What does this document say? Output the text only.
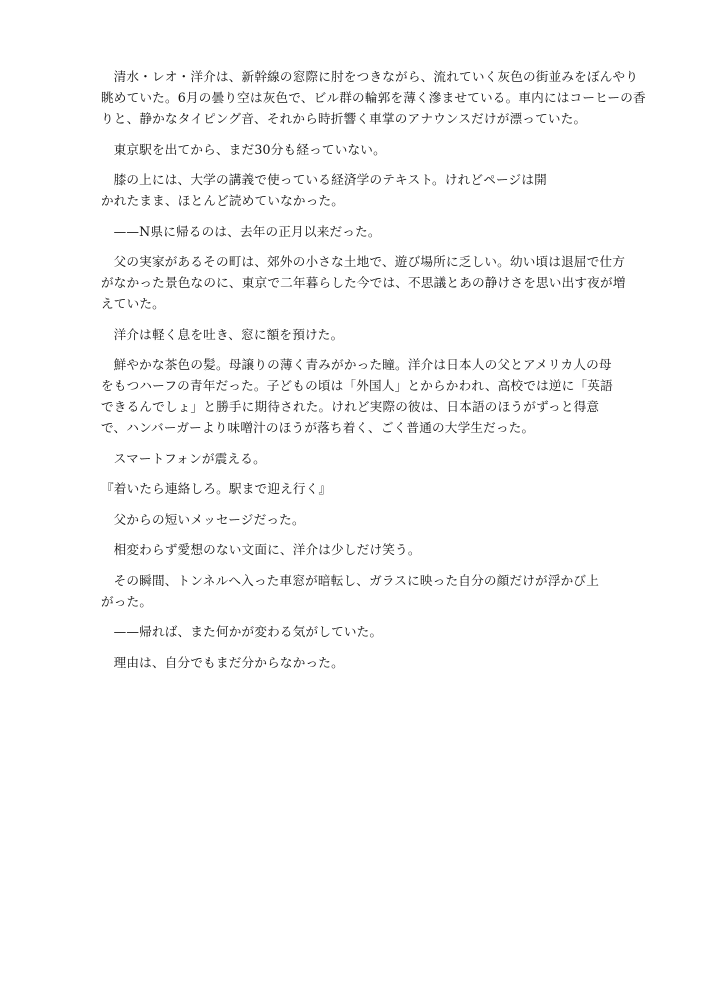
清水・レオ・洋介は、新幹線の窓際に肘をつきながら、流れていく灰色の街並みをぼんやり
眺めていた。6月の曇り空は灰色で、ビル群の輪郭を薄く滲ませている。車内にはコーヒーの香
りと、静かなタイピング音、それから時折響く車掌のアナウンスだけが漂っていた。

東京駅を出てから、まだ30分も経っていない。

膝の上には、大学の講義で使っている経済学のテキスト。けれどページは開
かれたまま、ほとんど読めていなかった。

——N県に帰るのは、去年の正月以来だった。

父の実家があるその町は、郊外の小さな土地で、遊び場所に乏しい。幼い頃は退屈で仕方
がなかった景色なのに、東京で二年暮らした今では、不思議とあの静けさを思い出す夜が増
えていた。

洋介は軽く息を吐き、窓に額を預けた。

鮮やかな茶色の髪。母譲りの薄く青みがかった瞳。洋介は日本人の父とアメリカ人の母
をもつハーフの青年だった。子どもの頃は「外国人」とからかわれ、高校では逆に「英語
できるんでしょ」と勝手に期待された。けれど実際の彼は、日本語のほうがずっと得意
で、ハンバーガーより味噌汁のほうが落ち着く、ごく普通の大学生だった。

スマートフォンが震える。

『着いたら連絡しろ。駅まで迎え行く』

父からの短いメッセージだった。

相変わらず愛想のない文面に、洋介は少しだけ笑う。

その瞬間、トンネルへ入った車窓が暗転し、ガラスに映った自分の顔だけが浮かび上
がった。

——帰れば、また何かが変わる気がしていた。

理由は、自分でもまだ分からなかった。
